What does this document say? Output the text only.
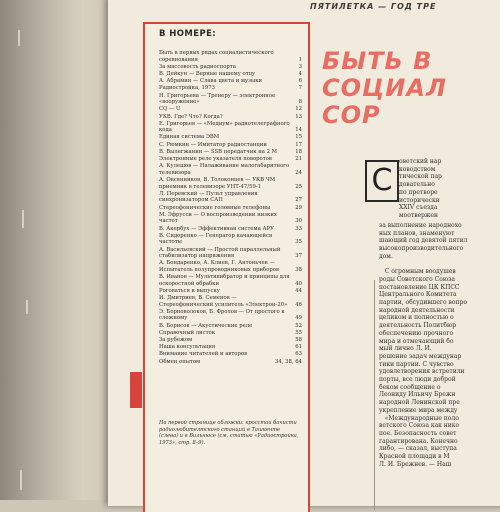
ПЯТИЛЕТКА — ГОД ТРЕ
В НОМЕРЕ:
Быть в первых рядах социалистического соревнования	1
За массовость радиоспорта	3
В. Дейкун — Верные нашему отцу	4
А. Абрамин — Слава цвета и музыки	6
Радиостройка, 1973	7
Н. Григорьева — Тренеру — электронное «вооружение»	8
CQ — U	12
УКВ. Где? Что? Когда?	13
Е. Григорьев — «Медиум» радиотелеграфного кода	14
Единая система ЭВМ	15
С. Рюмкин — Имитатор радиостанции	17
В. Вылегжанин — SSB передатчик на 2 М	18
Электронные реле указателя поворотов	21
А. Кулешов — Налаживание малогабаритного телевизора	24
А. Овсянников, В. Толоконцев — УКВ ЧМ приемник в телевизоре УНТ-47/59-1	25
Л. Перевский — Пульт управления синхронизатором САП	27
Стереофонические головные телефоны	29
М. Эфрусси — О воспроизведении низких частот	30
В. Акербух — Эффективная система АРУ	33
В. Сидоренко — Генератор качающейся частоты	35
А. Васильевский — Простой параллельный стабилизатор напряжения	37
А. Бондаренко, А. Клиев, Г. Антоньчев — Испытатель полупроводниковых приборов	38
В. Иванов — Мультивибратор и принципы для оскоростной обрабки	40
Роговаться к выпуску	44
И. Дмитриев, В. Семенов — Стереофонический усилитель «Электрон-20» 46
Э. Борноволоков, Б. Фролов — От простого к сложному	49
В. Борисов — Акустические реле	52
Справочный листок	55
За рубежом	58
Наша консультация	61
Внимание читателей и авторов	63
Обмен опытом	34, 38, 64
На первой странице обложки: кросстаи бачисти радиолюбителтского станций в Ташкенте (слева) и в Вильнюсе (см. статью «Радиостройка, 1973», стр. 8–9).
БЫТЬ В
СОЦИАЛ
СОР
С
оветский нар
ководством
тической пар
довательно
по претворе
исторически
XXIV съезда
моотвержен
за выполнение народнохо
ных планов, знаменуют
шающий год девятой пятил
высокопроизводительного
дом.

С огромным воодушев
роды Советского Союза
постановление ЦК КПСС
Центрального Комитета
партии, обсудившего вопро
народной деятельности
целиком и полностью о
деятельность Политбюр
обеспечению прочного
мира и отмечающий бо
мый лично Л. И.
решение задач междунар
тики партии. С чувство
удовлетворения встретили
порты, все люди доброй
беком сообщение о
Леониду Ильичу Брежн
народной Ленинской пре
укрепление мира между
«Международные поло
ветского Союза как нико
пое. Безопасность совет
гарантирована. Конечно
либо, — сказал, выступа
Красной площади в М
Л. И. Брежнев. — Наш
